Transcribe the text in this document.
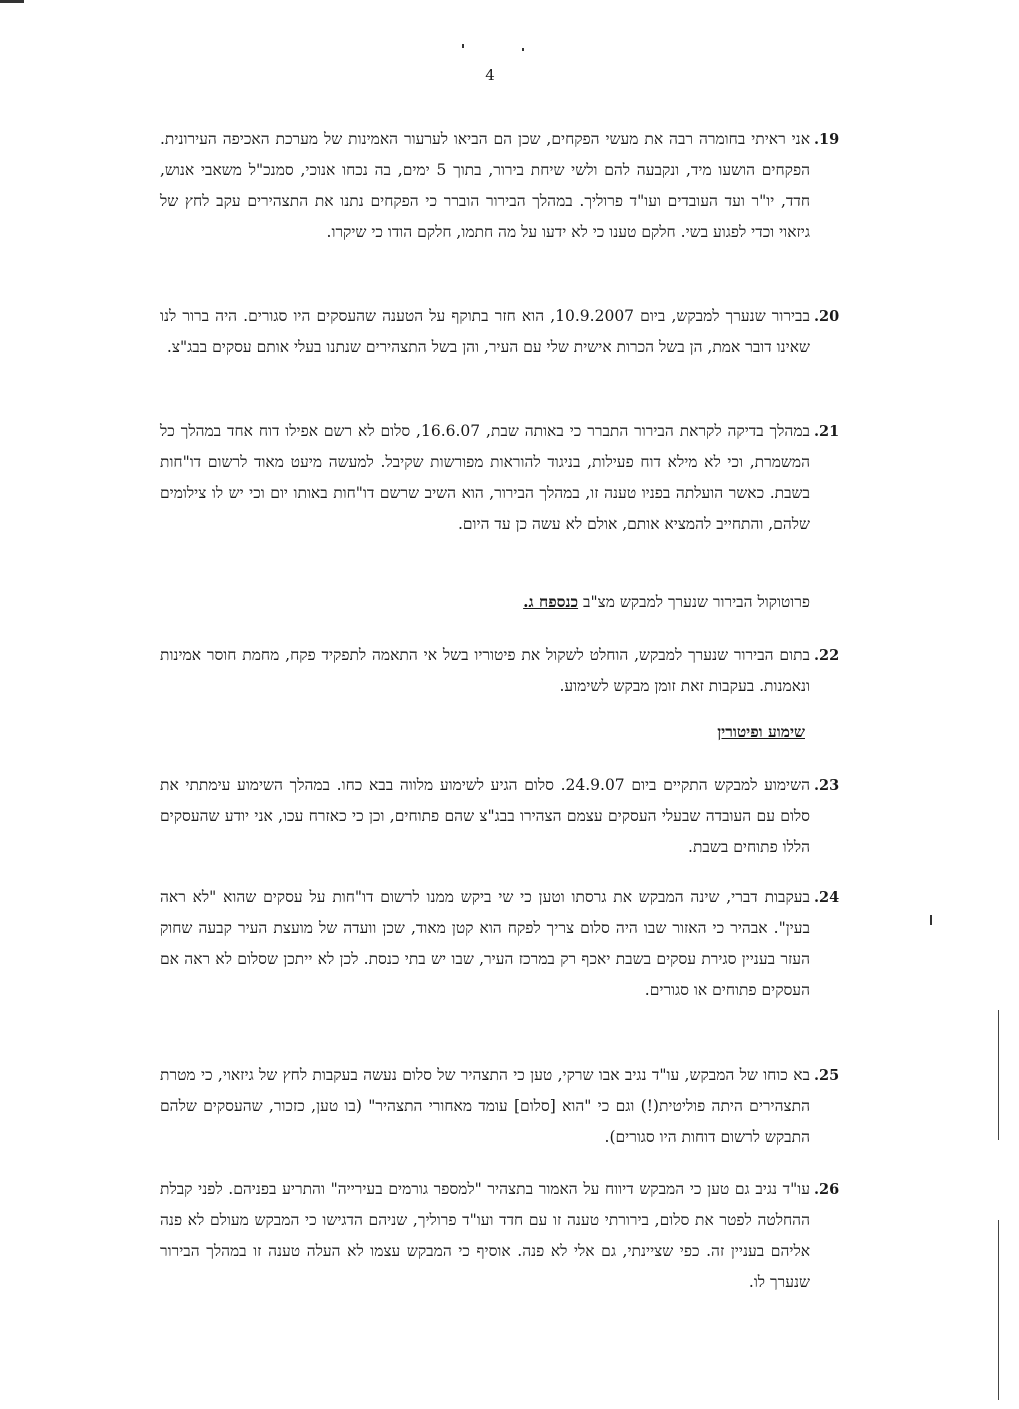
4
.19

אני ראיתי בחומרה רבה את מעשי הפקחים, שכן הם הביאו לערעור האמינות של מערכת האכיפה העירונית. הפקחים הושעו מיד, ונקבעה להם ולשי שיחת בירור, בתוך 5 ימים, בה נכחו אנוכי, סמנכ"ל משאבי אנוש, חדד, יו"ר ועד העובדים ועו"ד פרוליך. במהלך הבירור הוברר כי הפקחים נתנו את התצהירים עקב לחץ של גיזאוי וכדי לפגוע בשי. חלקם טענו כי לא ידעו על מה חתמו, חלקם הודו כי שיקרו.

.20

בבירור שנערך למבקש, ביום 10.9.2007, הוא חזר בתוקף על הטענה שהעסקים היו סגורים. היה ברור לנו שאינו דובר אמת, הן בשל הכרות אישית שלי עם העיר, והן בשל התצהירים שנתנו בעלי אותם עסקים בבג"צ.

.21

במהלך בדיקה לקראת הבירור התברר כי באותה שבת, 16.6.07, סלום לא רשם אפילו דוח אחד במהלך כל המשמרת, וכי לא מילא דוח פעילות, בניגוד להוראות מפורשות שקיבל. למעשה מיעט מאוד לרשום דו"חות בשבת. כאשר הועלתה בפניו טענה זו, במהלך הבירור, הוא השיב שרשם דו"חות באותו יום וכי יש לו צילומים שלהם, והתחייב להמציא אותם, אולם לא עשה כן עד היום.

פרוטוקול הבירור שנערך למבקש מצ"ב כנספח ג.
.22

בתום הבירור שנערך למבקש, הוחלט לשקול את פיטוריו בשל אי התאמה לתפקיד פקח, מחמת חוסר אמינות ונאמנות. בעקבות זאת זומן מבקש לשימוע.

שימוע ופיטורין
.23

השימוע למבקש התקיים ביום 24.9.07. סלום הגיע לשימוע מלווה בבא כחו. במהלך השימוע עימתתי את סלום עם העובדה שבעלי העסקים עצמם הצהירו בבג"צ שהם פתוחים, וכן כי כאזרח עכו, אני יודע שהעסקים הללו פתוחים בשבת.

.24

בעקבות דברי, שינה המבקש את גרסתו וטען כי שי ביקש ממנו לרשום דו"חות על עסקים שהוא "לא ראה בעין". אבהיר כי האזור שבו היה סלום צריך לפקח הוא קטן מאוד, שכן וועדה של מועצת העיר קבעה שחוק העזר בעניין סגירת עסקים בשבת יאכף רק במרכז העיר, שבו יש בתי כנסת. לכן לא ייתכן שסלום לא ראה אם העסקים פתוחים או סגורים.

.25

בא כוחו של המבקש, עו"ד נגיב אבו שרקי, טען כי התצהיר של סלום נעשה בעקבות לחץ של גיזאוי, כי מטרת התצהירים היתה פוליטית(!) וגם כי "הוא [סלום] עומד מאחורי התצהיר" (בו טען, כזכור, שהעסקים שלהם התבקש לרשום דוחות היו סגורים).

.26

עו"ד נגיב גם טען כי המבקש דיווח על האמור בתצהיר "למספר גורמים בעירייה" והתריע בפניהם. לפני קבלת ההחלטה לפטר את סלום, בירורתי טענה זו עם חדד ועו"ד פרוליך, שניהם הדגישו כי המבקש מעולם לא פנה אליהם בעניין זה. כפי שציינתי, גם אלי לא פנה. אוסיף כי המבקש עצמו לא העלה טענה זו במהלך הבירור שנערך לו.
